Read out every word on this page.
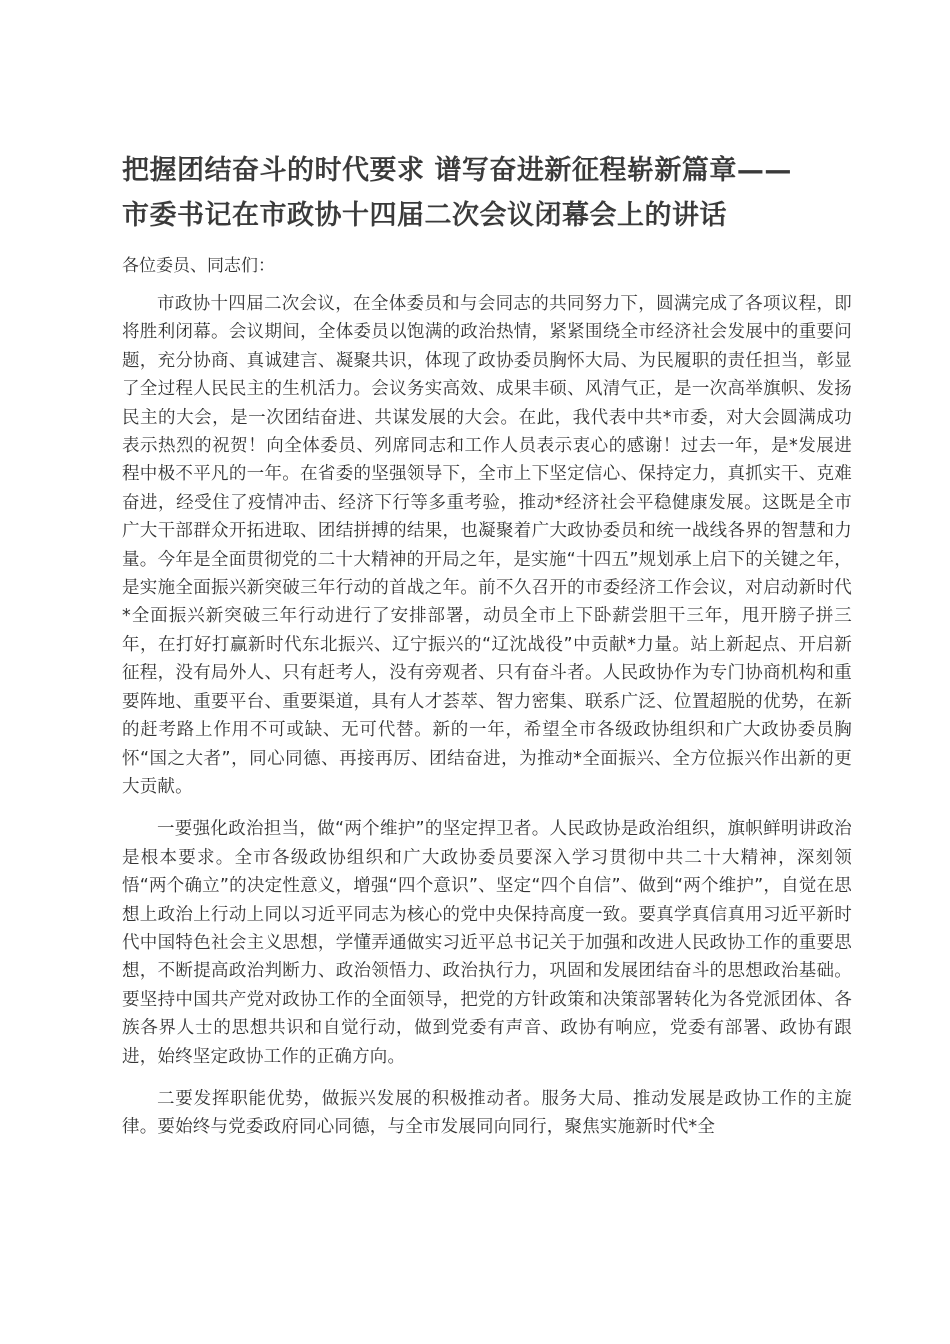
把握团结奋斗的时代要求 谱写奋进新征程崭新篇章——
市委书记在市政协十四届二次会议闭幕会上的讲话

各位委员、同志们：

市政协十四届二次会议，在全体委员和与会同志的共同努力下，圆满完成了各项议程，即将胜利闭幕。会议期间，全体委员以饱满的政治热情，紧紧围绕全市经济社会发展中的重要问题，充分协商、真诚建言、凝聚共识，体现了政协委员胸怀大局、为民履职的责任担当，彰显了全过程人民民主的生机活力。会议务实高效、成果丰硕、风清气正，是一次高举旗帜、发扬民主的大会，是一次团结奋进、共谋发展的大会。在此，我代表中共*市委，对大会圆满成功表示热烈的祝贺！向全体委员、列席同志和工作人员表示衷心的感谢！过去一年，是*发展进程中极不平凡的一年。在省委的坚强领导下，全市上下坚定信心、保持定力，真抓实干、克难奋进，经受住了疫情冲击、经济下行等多重考验，推动*经济社会平稳健康发展。这既是全市广大干部群众开拓进取、团结拼搏的结果，也凝聚着广大政协委员和统一战线各界的智慧和力量。今年是全面贯彻党的二十大精神的开局之年，是实施“十四五”规划承上启下的关键之年，是实施全面振兴新突破三年行动的首战之年。前不久召开的市委经济工作会议，对启动新时代*全面振兴新突破三年行动进行了安排部署，动员全市上下卧薪尝胆干三年，甩开膀子拼三年，在打好打赢新时代东北振兴、辽宁振兴的“辽沈战役”中贡献*力量。站上新起点、开启新征程，没有局外人、只有赶考人，没有旁观者、只有奋斗者。人民政协作为专门协商机构和重要阵地、重要平台、重要渠道，具有人才荟萃、智力密集、联系广泛、位置超脱的优势，在新的赶考路上作用不可或缺、无可代替。新的一年，希望全市各级政协组织和广大政协委员胸怀“国之大者”，同心同德、再接再厉、团结奋进，为推动*全面振兴、全方位振兴作出新的更大贡献。

一要强化政治担当，做“两个维护”的坚定捍卫者。人民政协是政治组织，旗帜鲜明讲政治是根本要求。全市各级政协组织和广大政协委员要深入学习贯彻中共二十大精神，深刻领悟“两个确立”的决定性意义，增强“四个意识”、坚定“四个自信”、做到“两个维护”，自觉在思想上政治上行动上同以习近平同志为核心的党中央保持高度一致。要真学真信真用习近平新时代中国特色社会主义思想，学懂弄通做实习近平总书记关于加强和改进人民政协工作的重要思想，不断提高政治判断力、政治领悟力、政治执行力，巩固和发展团结奋斗的思想政治基础。要坚持中国共产党对政协工作的全面领导，把党的方针政策和决策部署转化为各党派团体、各族各界人士的思想共识和自觉行动，做到党委有声音、政协有响应，党委有部署、政协有跟进，始终坚定政协工作的正确方向。

二要发挥职能优势，做振兴发展的积极推动者。服务大局、推动发展是政协工作的主旋律。要始终与党委政府同心同德，与全市发展同向同行，聚焦实施新时代*全
